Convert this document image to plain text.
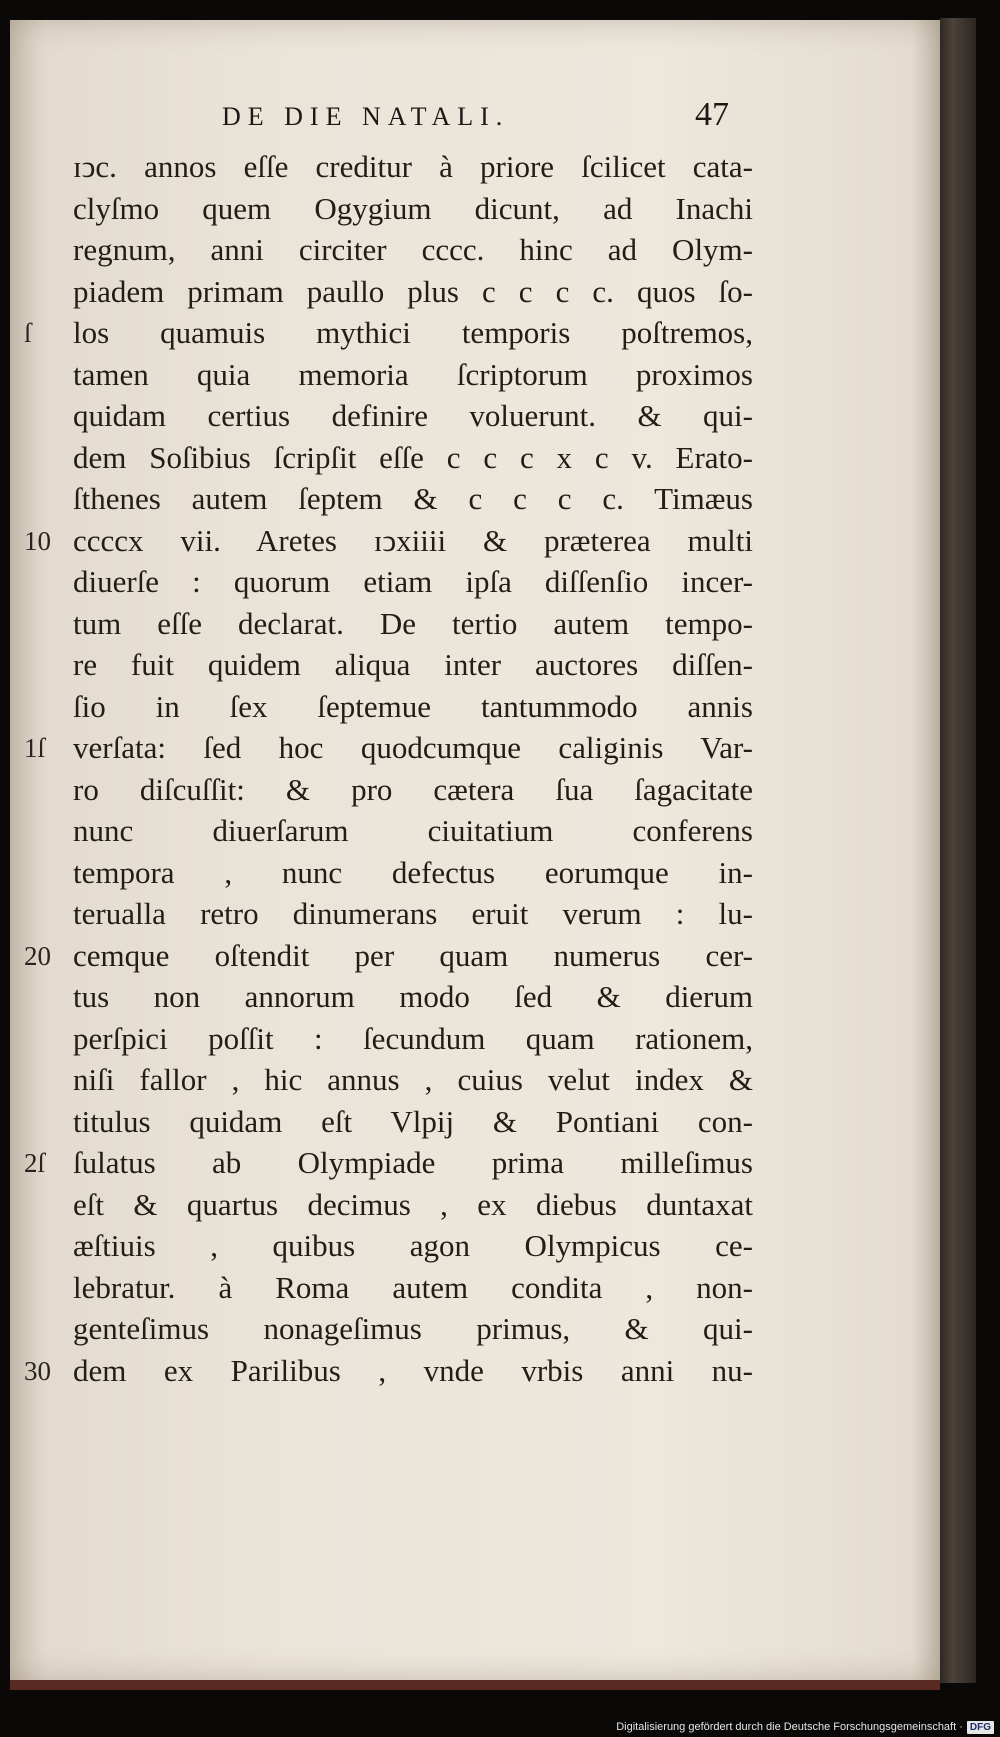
DE DIE NATALI.	47
ɪↄc. annos eſſe creditur à priore ſcilicet cata-
clyſmo quem Ogygium dicunt, ad Inachi
regnum, anni circiter cccc. hinc ad Olym-
piadem primam paullo plus c c c c. quos ſo-
los quamuis mythici temporis poſtremos,
tamen quia memoria ſcriptorum proximos
quidam certius definire voluerunt. & qui-
dem Soſibius ſcripſit eſſe c c c x c v. Erato-
ſthenes autem ſeptem & c c c c. Timæus
ccccx vii. Aretes ɪↄxiiii & præterea multi
diuerſe : quorum etiam ipſa diſſenſio incer-
tum eſſe declarat. De tertio autem tempo-
re fuit quidem aliqua inter auctores diſſen-
ſio in ſex ſeptemue tantummodo annis
verſata: ſed hoc quodcumque caliginis Var-
ro diſcuſſit: & pro cætera ſua ſagacitate
nunc diuerſarum ciuitatium conferens
tempora , nunc defectus eorumque in-
terualla retro dinumerans eruit verum : lu-
cemque oſtendit per quam numerus cer-
tus non annorum modo ſed & dierum
perſpici poſſit : ſecundum quam rationem,
niſi fallor , hic annus , cuius velut index &
titulus quidam eſt Vlpij & Pontiani con-
ſulatus ab Olympiade prima milleſimus
eſt & quartus decimus , ex diebus duntaxat
æſtiuis , quibus agon Olympicus ce-
lebratur. à Roma autem condita , non-
genteſimus nonageſimus primus, & qui-
dem ex Parilibus , vnde vrbis anni nu-
ſ
10
1ſ
20
2ſ
30
Digitalisierung gefördert durch die Deutsche Forschungsgemeinschaft · DFG
